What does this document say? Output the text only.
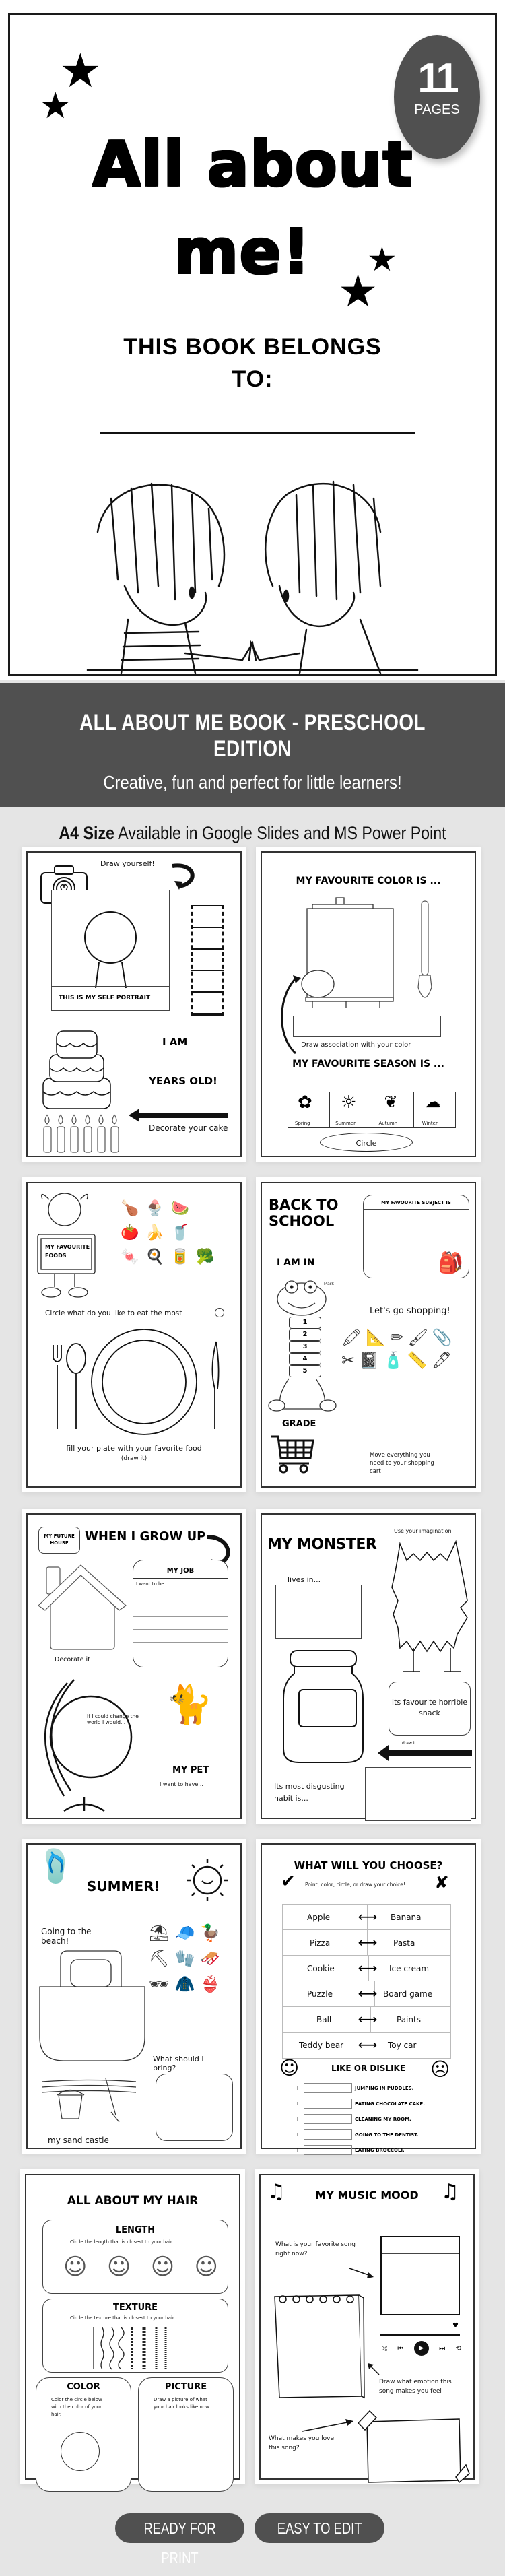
★
★
★
★
11
PAGES
All about
me!
THIS BOOK BELONGS
TO:
ALL ABOUT ME BOOK - PRESCHOOL EDITION
Creative, fun and perfect for little learners!
A4 Size Available in Google Slides and MS Power Point
Draw yourself!
THIS IS MY SELF PORTRAIT
I AM
YEARS OLD!
Decorate your cake
MY FAVOURITE COLOR IS ...
Draw association with your color
MY FAVOURITE SEASON IS ...
✿
Spring
☼
Summer
❦
Autumn
☁
Winter
Circle
MY FAVOURITE FOODS
🍗🍨🍉 🍅🍌🥤 🍬🍳🥫🥦
Circle what do you like to eat the most
fill your plate with your favorite food
(draw it)
BACK TO
SCHOOL
MY FAVOURITE SUBJECT IS
🎒
I AM IN
Mark
1
2
3
4
5
GRADE
Let's go shopping!
🖍📐✏🖌📎✂📓🧴📏🖊
Move everything you need to your shopping cart
MY FUTURE HOUSE	WHEN I GROW UP
Decorate it
MY JOB
I want to be...
If I could change the world I would...	🐈
MY PET
I want to have...
MY MONSTER
Use your imagination
lives in...
Its favourite horrible snack
draw it
Its most disgusting habit is...
🩴
SUMMER!
Going to the beach!	⛱🧢🦆⛏🧤🛷🕶🧥👙
What should I bring?
my sand castle
WHAT WILL YOU CHOOSE?
✔ Point, color, circle, or draw your choice! ✘
Apple	Banana
Pizza	Pasta
Cookie	Ice cream
Puzzle	Board game
Ball	Paints
Teddy bear	Toy car
⟷
⟷
⟷
⟷
⟷
⟷
☺	LIKE OR DISLIKE	☹
I	JUMPING IN PUDDLES.
I	EATING CHOCOLATE CAKE.
I	CLEANING MY ROOM.
I	GOING TO THE DENTIST.
I	EATING BROCCOLI.
ALL ABOUT MY HAIR
LENGTH
Circle the length that is closest to your hair.
☺ ☺ ☺ ☺
TEXTURE
Circle the texture that is closest to your hair.
COLOR
Color the circle below with the color of your hair.
PICTURE
Draw a picture of what your hair looks like now.
♫	MY MUSIC MOOD	♫
What is your favorite song right now?
♥
⤮ ⏮	▶	⏭ ⟲
Draw what emotion this song makes you feel
What makes you love this song?
READY FOR PRINT
EASY TO EDIT
